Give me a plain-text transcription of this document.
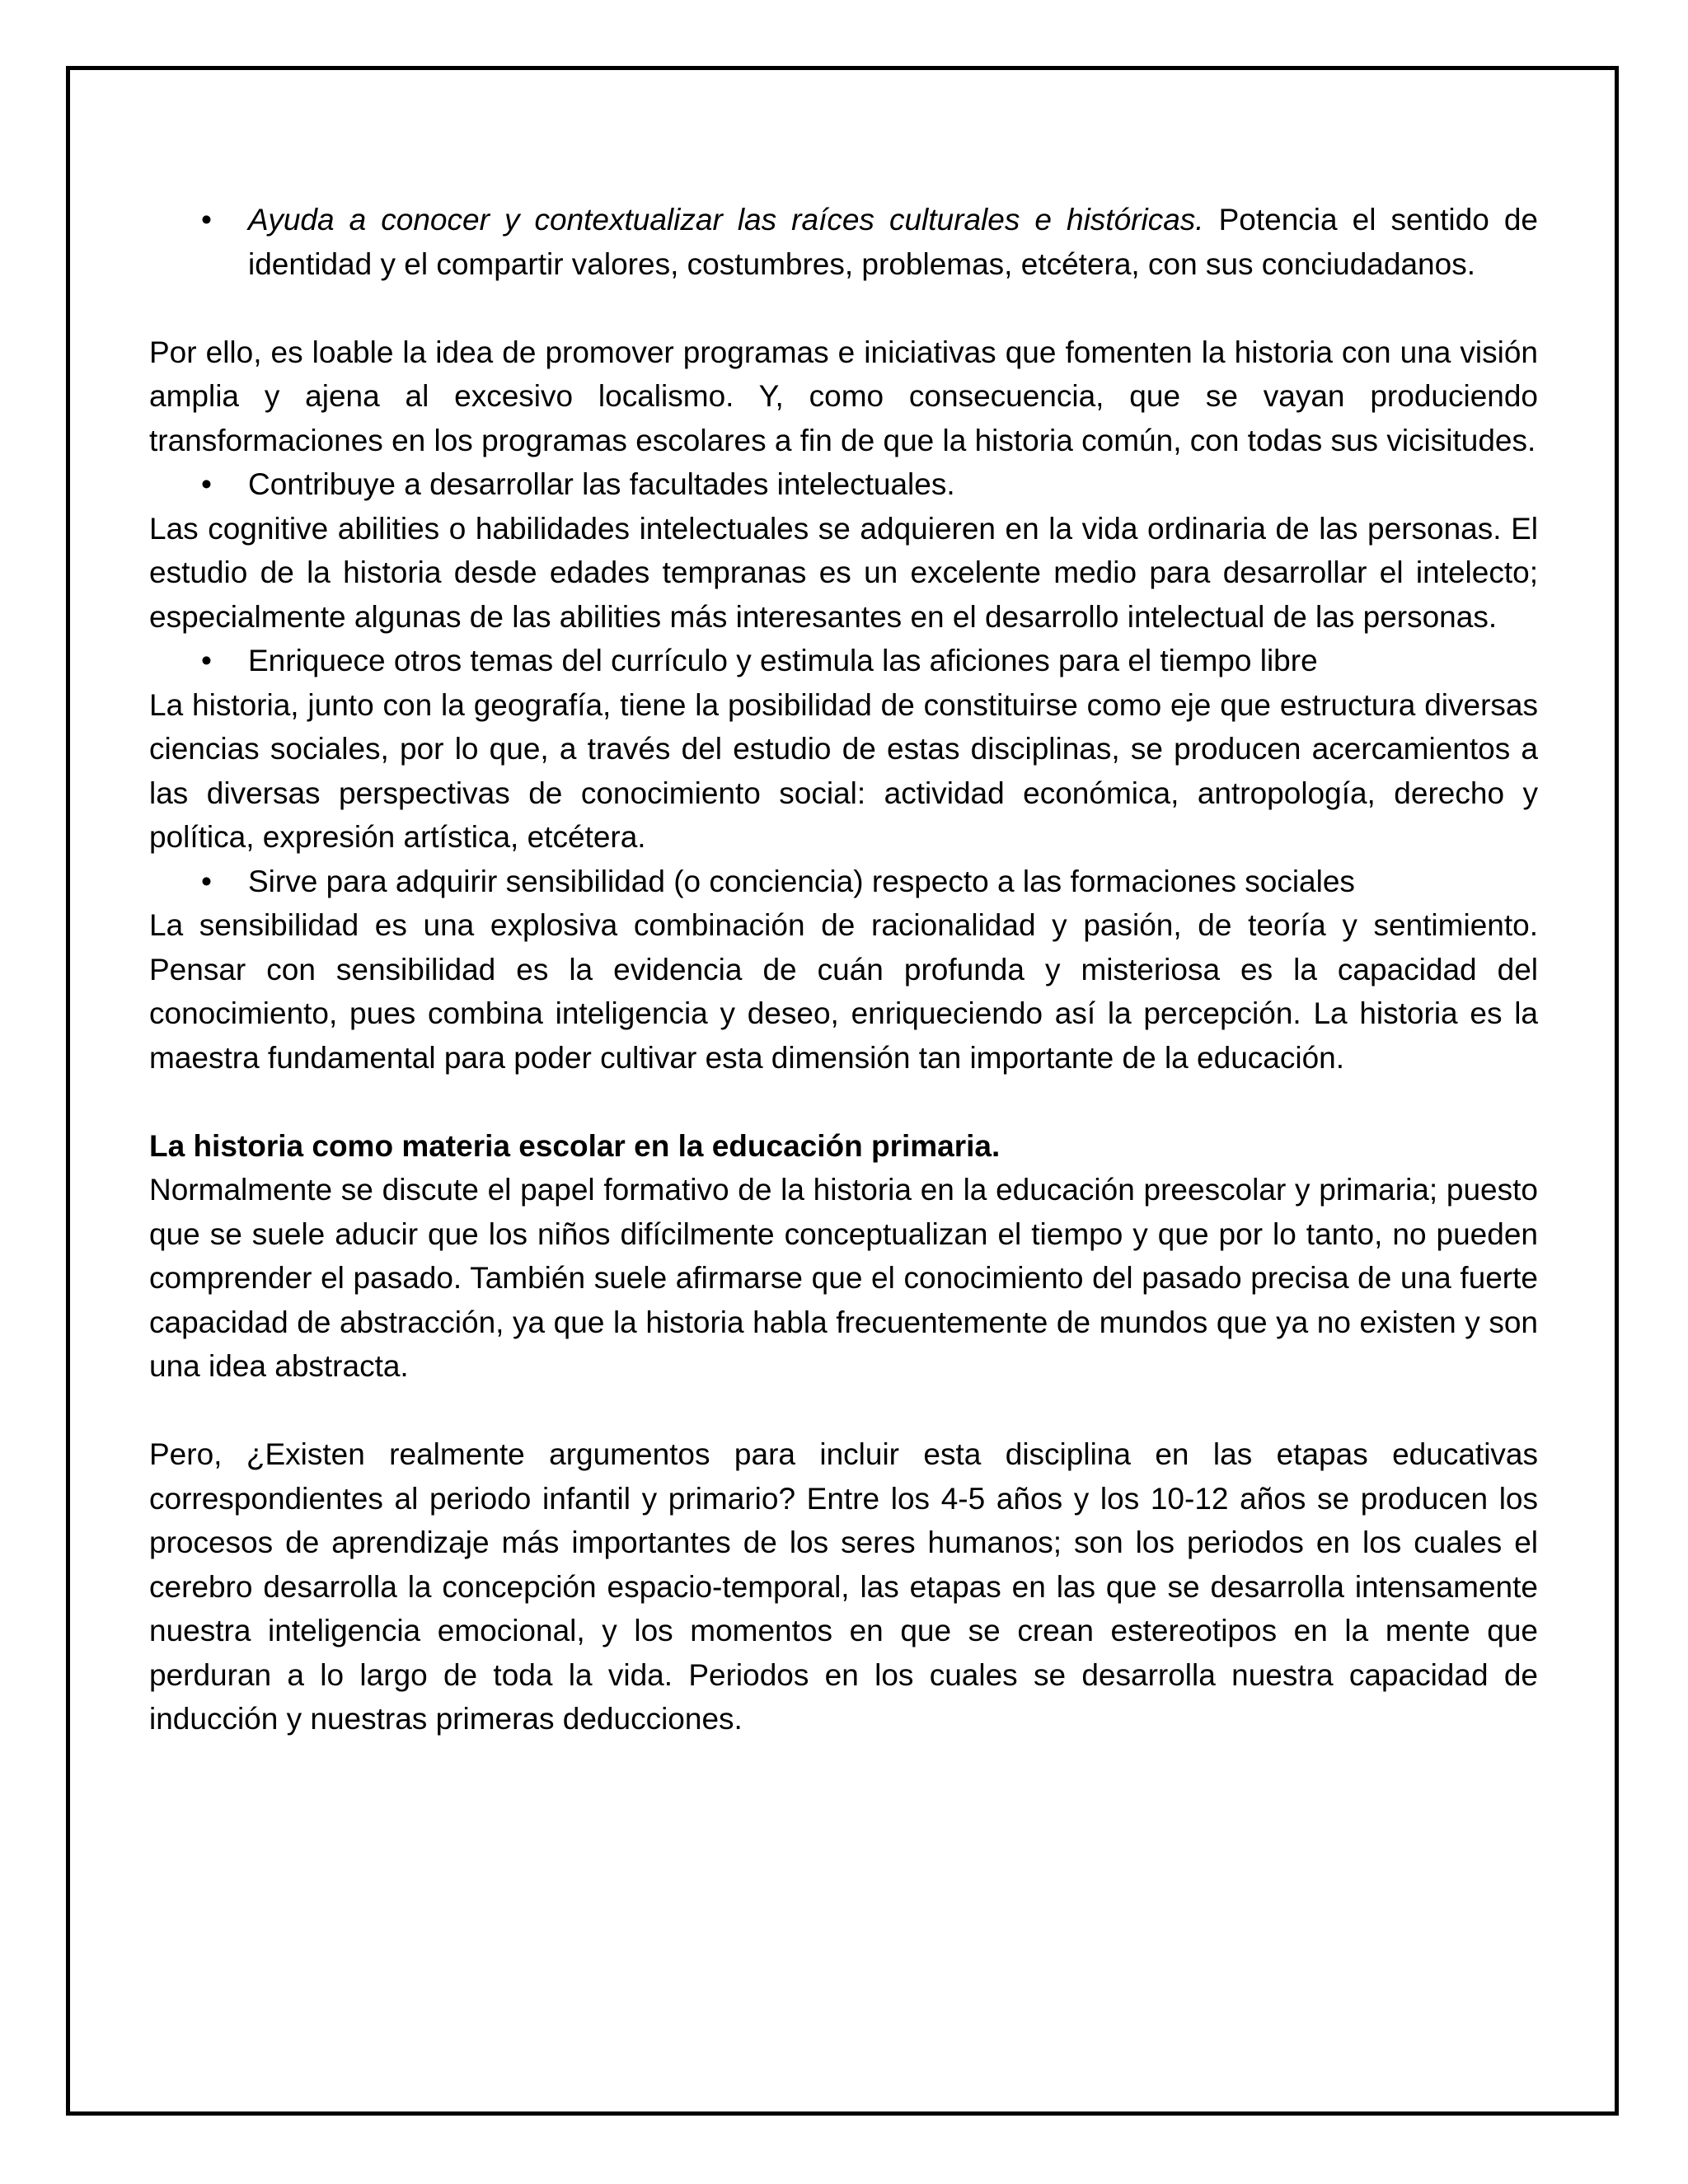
• Ayuda a conocer y contextualizar las raíces culturales e históricas. Potencia el sentido de identidad y el compartir valores, costumbres, problemas, etcétera, con sus conciudadanos.

Por ello, es loable la idea de promover programas e iniciativas que fomenten la historia con una visión amplia y ajena al excesivo localismo. Y, como consecuencia, que se vayan produciendo transformaciones en los programas escolares a fin de que la historia común, con todas sus vicisitudes.

• Contribuye a desarrollar las facultades intelectuales.

Las cognitive abilities o habilidades intelectuales se adquieren en la vida ordinaria de las personas. El estudio de la historia desde edades tempranas es un excelente medio para desarrollar el intelecto; especialmente algunas de las abilities más interesantes en el desarrollo intelectual de las personas.

• Enriquece otros temas del currículo y estimula las aficiones para el tiempo libre

La historia, junto con la geografía, tiene la posibilidad de constituirse como eje que estructura diversas ciencias sociales, por lo que, a través del estudio de estas disciplinas, se producen acercamientos a las diversas perspectivas de conocimiento social: actividad económica, antropología, derecho y política, expresión artística, etcétera.

• Sirve para adquirir sensibilidad (o conciencia) respecto a las formaciones sociales

La sensibilidad es una explosiva combinación de racionalidad y pasión, de teoría y sentimiento. Pensar con sensibilidad es la evidencia de cuán profunda y misteriosa es la capacidad del conocimiento, pues combina inteligencia y deseo, enriqueciendo así la percepción. La historia es la maestra fundamental para poder cultivar esta dimensión tan importante de la educación.

La historia como materia escolar en la educación primaria.

Normalmente se discute el papel formativo de la historia en la educación preescolar y primaria; puesto que se suele aducir que los niños difícilmente conceptualizan el tiempo y que por lo tanto, no pueden comprender el pasado. También suele afirmarse que el conocimiento del pasado precisa de una fuerte capacidad de abstracción, ya que la historia habla frecuentemente de mundos que ya no existen y son una idea abstracta.

Pero, ¿Existen realmente argumentos para incluir esta disciplina en las etapas educativas correspondientes al periodo infantil y primario? Entre los 4-5 años y los 10-12 años se producen los procesos de aprendizaje más importantes de los seres humanos; son los periodos en los cuales el cerebro desarrolla la concepción espacio-temporal, las etapas en las que se desarrolla intensamente nuestra inteligencia emocional, y los momentos en que se crean estereotipos en la mente que perduran a lo largo de toda la vida. Periodos en los cuales se desarrolla nuestra capacidad de inducción y nuestras primeras deducciones.
